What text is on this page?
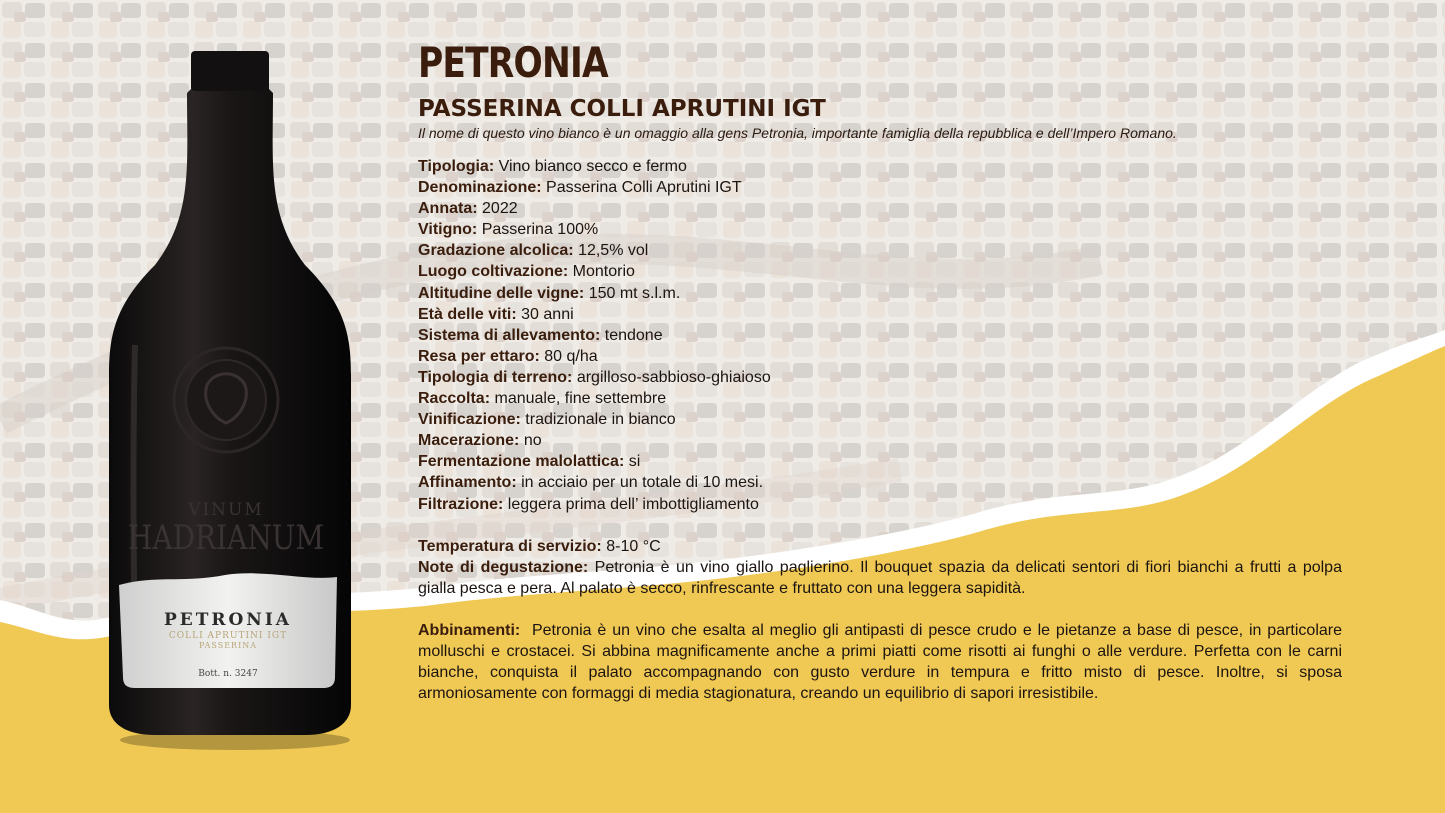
VINUM
HADRIANUM
PETRONIA
COLLI APRUTINI IGT
PASSERINA
Bott. n. 3247
PETRONIA
PASSERINA COLLI APRUTINI IGT

Il nome di questo vino bianco è un omaggio alla gens Petronia, importante famiglia della repubblica e dell’Impero Romano.

Tipologia: Vino bianco secco e fermo
Denominazione: Passerina Colli Aprutini IGT
Annata: 2022
Vitigno: Passerina 100%
Gradazione alcolica: 12,5% vol
Luogo coltivazione: Montorio
Altitudine delle vigne: 150 mt s.l.m.
Età delle viti: 30 anni
Sistema di allevamento: tendone
Resa per ettaro: 80 q/ha
Tipologia di terreno: argilloso-sabbioso-ghiaioso
Raccolta: manuale, fine settembre
Vinificazione: tradizionale in bianco
Macerazione: no
Fermentazione malolattica: si
Affinamento: in acciaio per un totale di 10 mesi.
Filtrazione: leggera prima dell’ imbottigliamento
Temperatura di servizio: 8-10 °C
Note di degustazione: Petronia è un vino giallo paglierino. Il bouquet spazia da delicati sentori di fiori bianchi a frutti a polpa gialla pesca e pera. Al palato è secco, rinfrescante e fruttato con una leggera sapidità.
Abbinamenti: Petronia è un vino che esalta al meglio gli antipasti di pesce crudo e le pietanze a base di pesce, in particolare molluschi e crostacei. Si abbina magnificamente anche a primi piatti come risotti ai funghi o alle verdure. Perfetta con le carni bianche, conquista il palato accompagnando con gusto verdure in tempura e fritto misto di pesce. Inoltre, si sposa armoniosamente con formaggi di media stagionatura, creando un equilibrio di sapori irresistibile.
